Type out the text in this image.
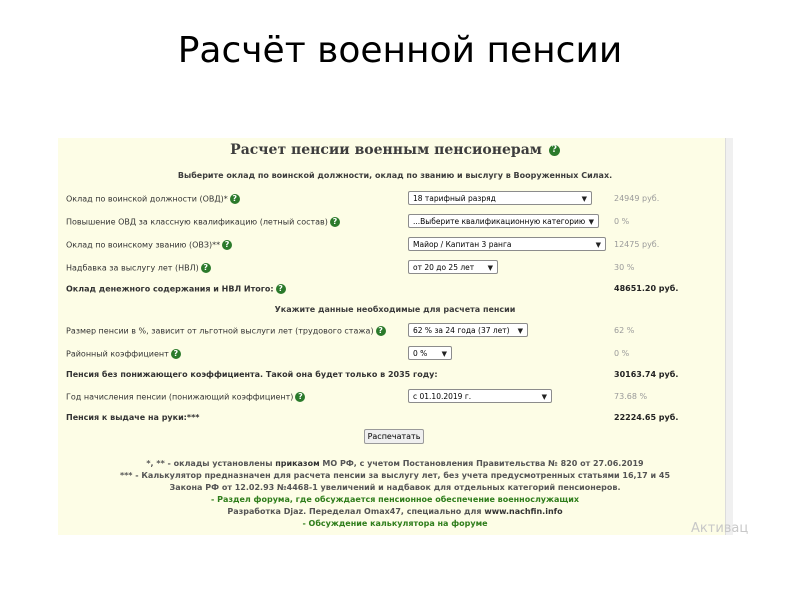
Расчёт военной пенсии
Расчет пенсии военным пенсионерам ?
Выберите оклад по воинской должности, оклад по званию и выслугу в Вооруженных Силах.
Оклад по воинской должности (ОВД)* ?	18 тарифный разряд	▼	24949 руб.
Повышение ОВД за классную квалификацию (летный состав) ?	...Выберите квалификационную категорию ▼	0 %
Оклад по воинскому званию (ОВЗ)** ?	Майор / Капитан 3 ранга	▼ 12475 руб.
Надбавка за выслугу лет (НВЛ) ?	от 20 до 25 лет ▼	30 %
Оклад денежного содержания и НВЛ Итого: ?	48651.20 руб.
Укажите данные необходимые для расчета пенсии
Размер пенсии в %, зависит от льготной выслуги лет (трудового стажа) ?	62 % за 24 года (37 лет) ▼	62 %
Районный коэффициент ?	0 % ▼	0 %
Пенсия без понижающего коэффициента. Такой она будет только в 2035 году:	30163.74 руб.
Год начисления пенсии (понижающий коэффициент) ?	с 01.10.2019 г.	▼	73.68 %
Пенсия к выдаче на руки:***	22224.65 руб.
Распечатать
*, ** - оклады установлены приказом МО РФ, с учетом Постановления Правительства № 820 от 27.06.2019
*** - Калькулятор предназначен для расчета пенсии за выслугу лет, без учета предусмотренных статьями 16,17 и 45
Закона РФ от 12.02.93 №4468-1 увеличений и надбавок для отдельных категорий пенсионеров.
- Раздел форума, где обсуждается пенсионное обеспечение военнослужащих
Разработка Djaz. Переделал Omax47, специально для www.nachfin.info
- Обсуждение калькулятора на форуме	Активац
